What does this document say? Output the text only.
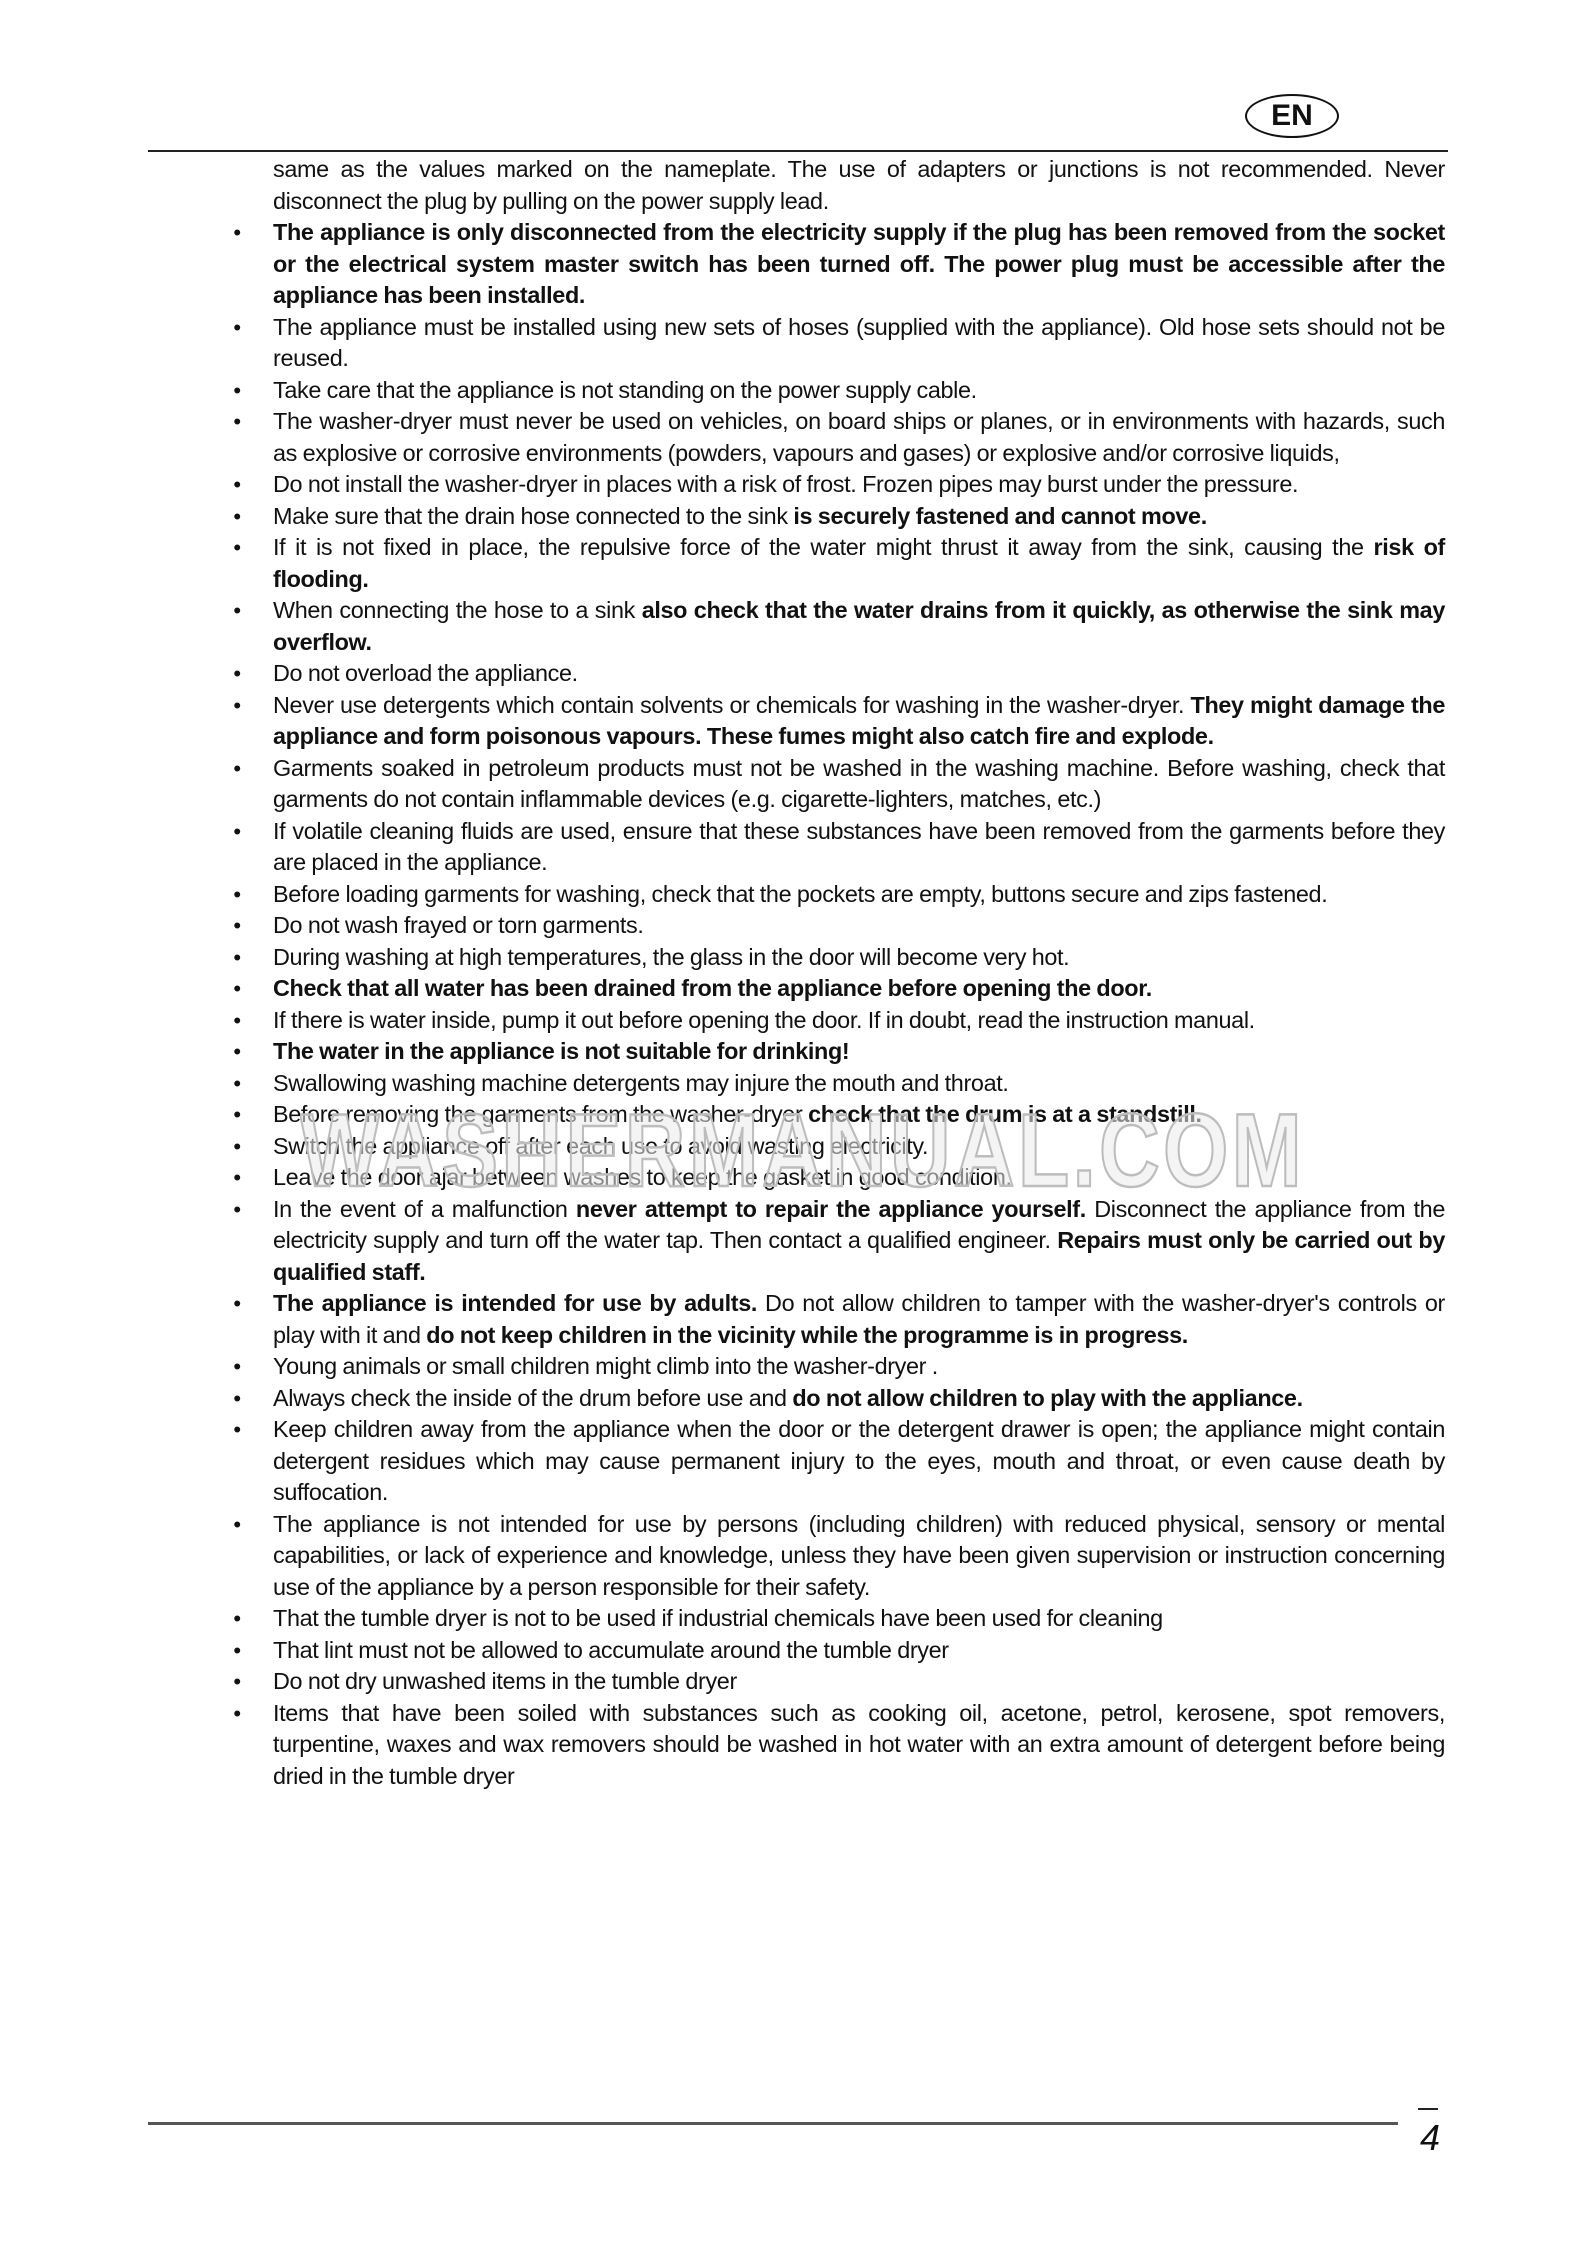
EN

same as the values marked on the nameplate. The use of adapters or junctions is not recommended. Never disconnect the plug by pulling on the power supply lead.

• The appliance is only disconnected from the electricity supply if the plug has been removed from the socket or the electrical system master switch has been turned off. The power plug must be accessible after the appliance has been installed.

• The appliance must be installed using new sets of hoses (supplied with the appliance). Old hose sets should not be reused.

• Take care that the appliance is not standing on the power supply cable.

• The washer-dryer must never be used on vehicles, on board ships or planes, or in environments with hazards, such as explosive or corrosive environments (powders, vapours and gases) or explosive and/or corrosive liquids,

• Do not install the washer-dryer in places with a risk of frost. Frozen pipes may burst under the pressure.

• Make sure that the drain hose connected to the sink is securely fastened and cannot move.

• If it is not fixed in place, the repulsive force of the water might thrust it away from the sink, causing the risk of flooding.

• When connecting the hose to a sink also check that the water drains from it quickly, as otherwise the sink may overflow.

• Do not overload the appliance.

• Never use detergents which contain solvents or chemicals for washing in the washer-dryer. They might damage the appliance and form poisonous vapours. These fumes might also catch fire and explode.

• Garments soaked in petroleum products must not be washed in the washing machine. Before washing, check that garments do not contain inflammable devices (e.g. cigarette-lighters, matches, etc.)

• If volatile cleaning fluids are used, ensure that these substances have been removed from the garments before they are placed in the appliance.

• Before loading garments for washing, check that the pockets are empty, buttons secure and zips fastened.

• Do not wash frayed or torn garments.

• During washing at high temperatures, the glass in the door will become very hot.

• Check that all water has been drained from the appliance before opening the door.

• If there is water inside, pump it out before opening the door. If in doubt, read the instruction manual.

• The water in the appliance is not suitable for drinking!

• Swallowing washing machine detergents may injure the mouth and throat.

• Before removing the garments from the washer-dryer check that the drum is at a standstill.

• Switch the appliance off after each use to avoid wasting electricity.

• Leave the door ajar between washes to keep the gasket in good condition.

• In the event of a malfunction never attempt to repair the appliance yourself. Disconnect the appliance from the electricity supply and turn off the water tap. Then contact a qualified engineer. Repairs must only be carried out by qualified staff.

• The appliance is intended for use by adults. Do not allow children to tamper with the washer-dryer's controls or play with it and do not keep children in the vicinity while the programme is in progress.

• Young animals or small children might climb into the washer-dryer .

• Always check the inside of the drum before use and do not allow children to play with the appliance.

• Keep children away from the appliance when the door or the detergent drawer is open; the appliance might contain detergent residues which may cause permanent injury to the eyes, mouth and throat, or even cause death by suffocation.

• The appliance is not intended for use by persons (including children) with reduced physical, sensory or mental capabilities, or lack of experience and knowledge, unless they have been given supervision or instruction concerning use of the appliance by a person responsible for their safety.

• That the tumble dryer is not to be used if industrial chemicals have been used for cleaning

• That lint must not be allowed to accumulate around the tumble dryer

• Do not dry unwashed items in the tumble dryer

• Items that have been soiled with substances such as cooking oil, acetone, petrol, kerosene, spot removers, turpentine, waxes and wax removers should be washed in hot water with an extra amount of detergent before being dried in the tumble dryer

WASHERMANUAL.COM
4
